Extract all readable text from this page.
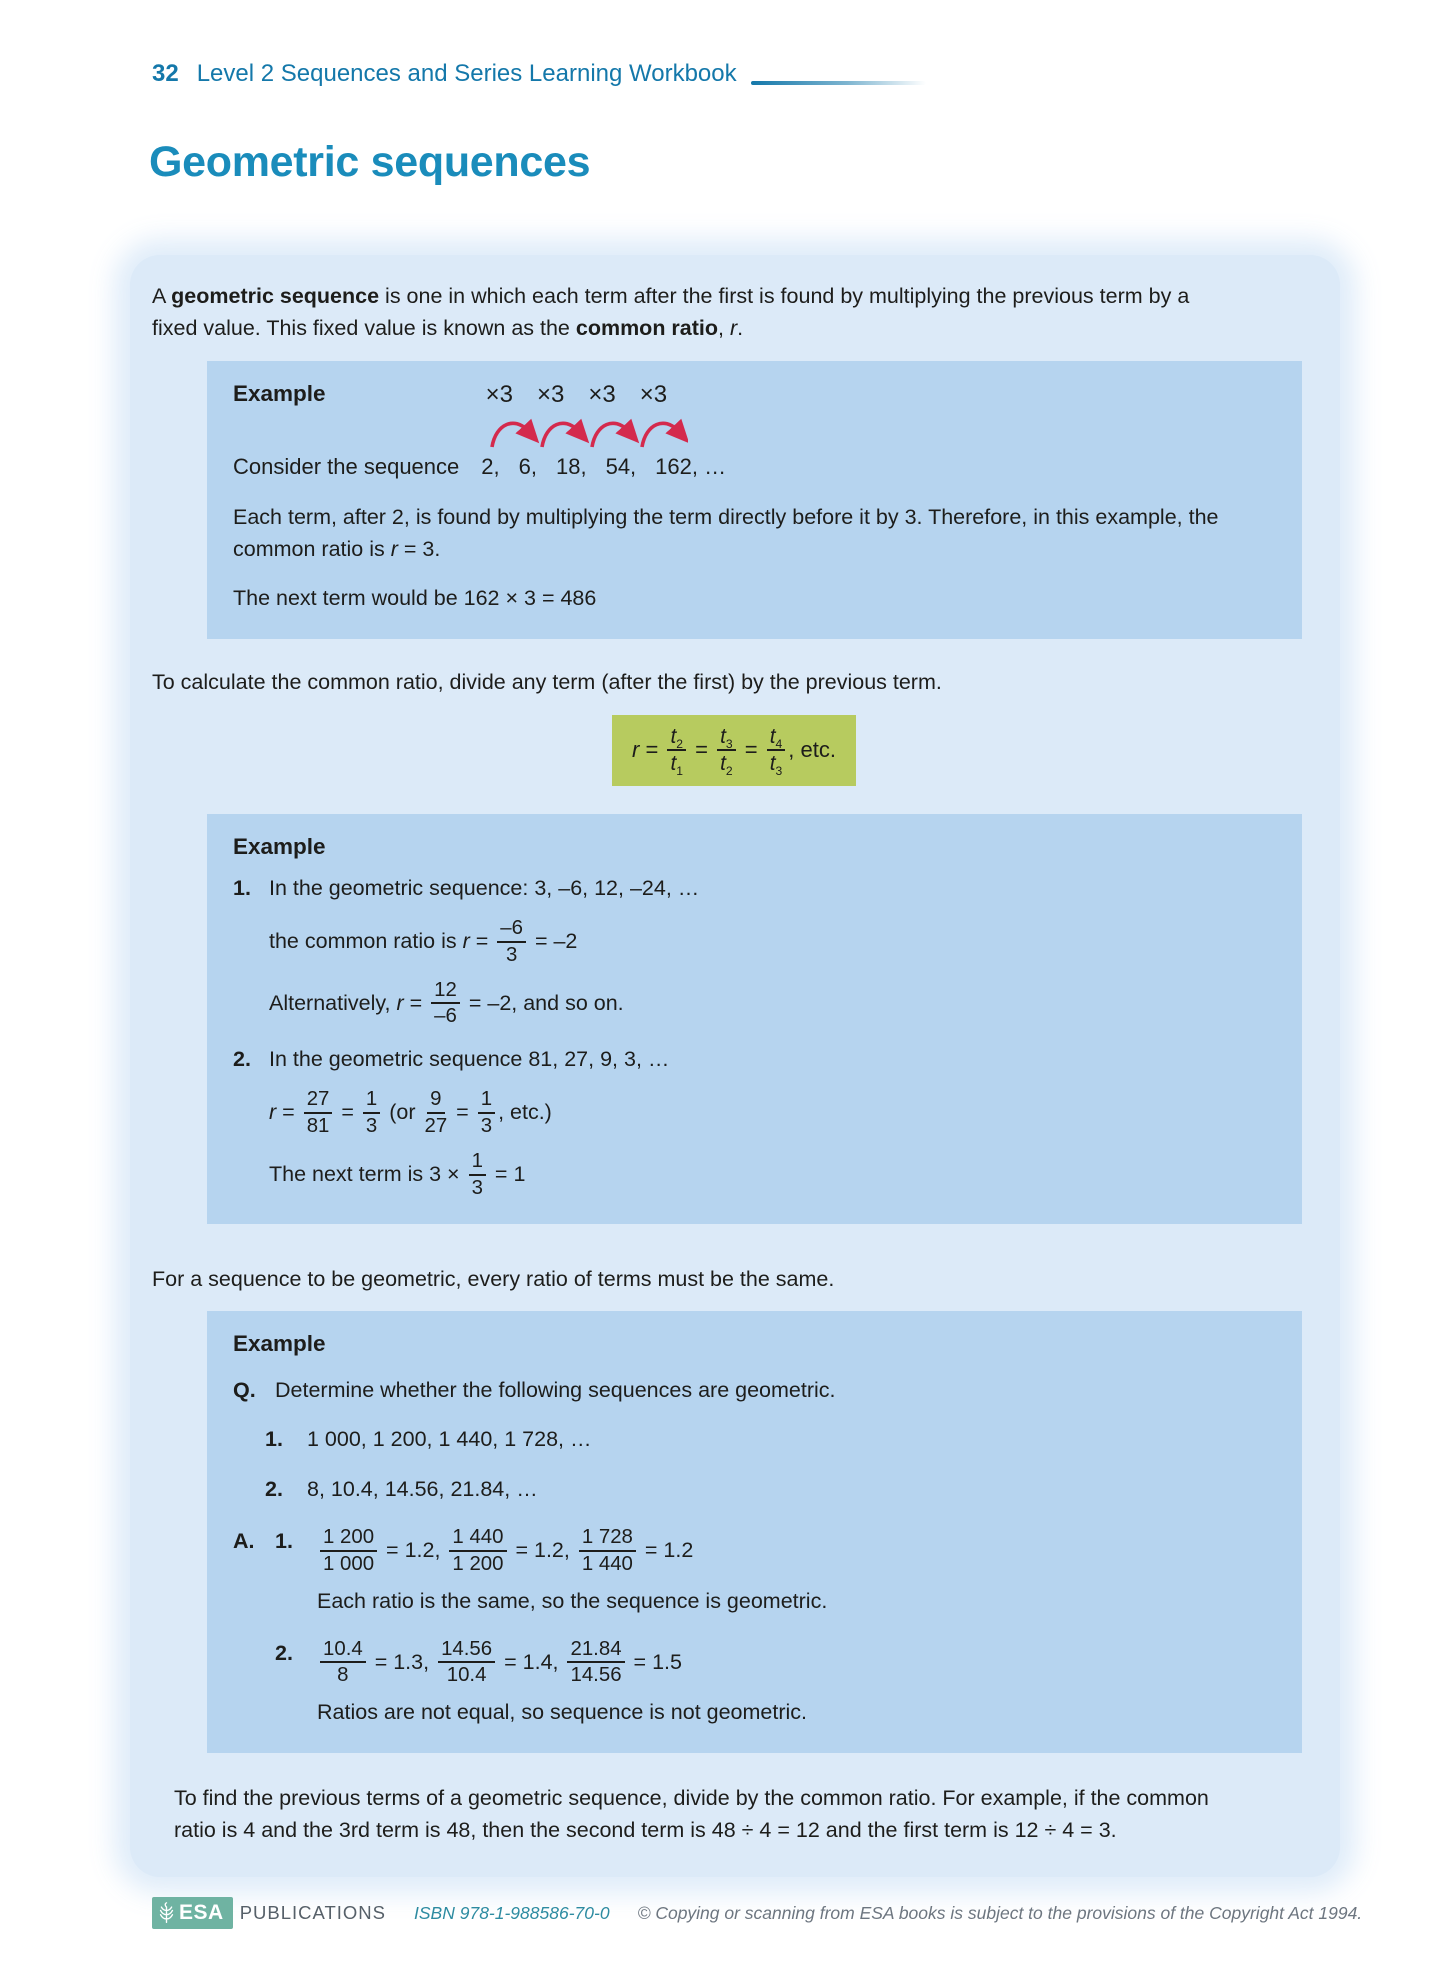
32 Level 2 Sequences and Series Learning Workbook
Geometric sequences

A geometric sequence is one in which each term after the first is found by multiplying the previous term by a fixed value. This fixed value is known as the common ratio, r.

Example	×3 ×3 ×3 ×3
Consider the sequence 2, 6, 18, 54, 162, …

Each term, after 2, is found by multiplying the term directly before it by 3. Therefore, in this example, the common ratio is r = 3.

The next term would be 162 × 3 = 486

To calculate the common ratio, divide any term (after the first) by the previous term.

$r = \frac{t_2}{t_1} = \frac{t_3}{t_2} = \frac{t_4}{t_3}$ , etc.
Example
1. In the geometric sequence: 3, –6, 12, –24, …
the common ratio is $r = \frac{-6}{3} = -2$
Alternatively, $r = \frac{12}{-6} = -2$, and so on.
2. In the geometric sequence 81, 27, 9, 3, …
$r = \frac{27}{81} = \frac{1}{3} (or \frac{9}{27} = \frac{1}{3}$ , etc.)
The next term is $3 \times \frac{1}{3} = 1$

For a sequence to be geometric, every ratio of terms must be the same.

Example
Q. Determine whether the following sequences are geometric.
1.	1 000, 1 200, 1 440, 1 728, …
2.	8, 10.4, 14.56, 21.84, …
A. 1.	$\frac{1 200}{1 000} = 1.2$, $\frac{1 440}{1 200} = 1.2$, $\frac{1 728}{1 440} = 1.2$
Each ratio is the same, so the sequence is geometric.
2.	$\frac{10.4}{8} = 1.3$, $\frac{14.56}{10.4} = 1.4$, $\frac{21.84}{14.56} = 1.5$
Ratios are not equal, so sequence is not geometric.

To find the previous terms of a geometric sequence, divide by the common ratio. For example, if the common ratio is 4 and the 3rd term is 48, then the second term is 48 ÷ 4 = 12 and the first term is 12 ÷ 4 = 3.

ESA PUBLICATIONS ISBN 978-1-988586-70-0 © Copying or scanning from ESA books is subject to the provisions of the Copyright Act 1994.
